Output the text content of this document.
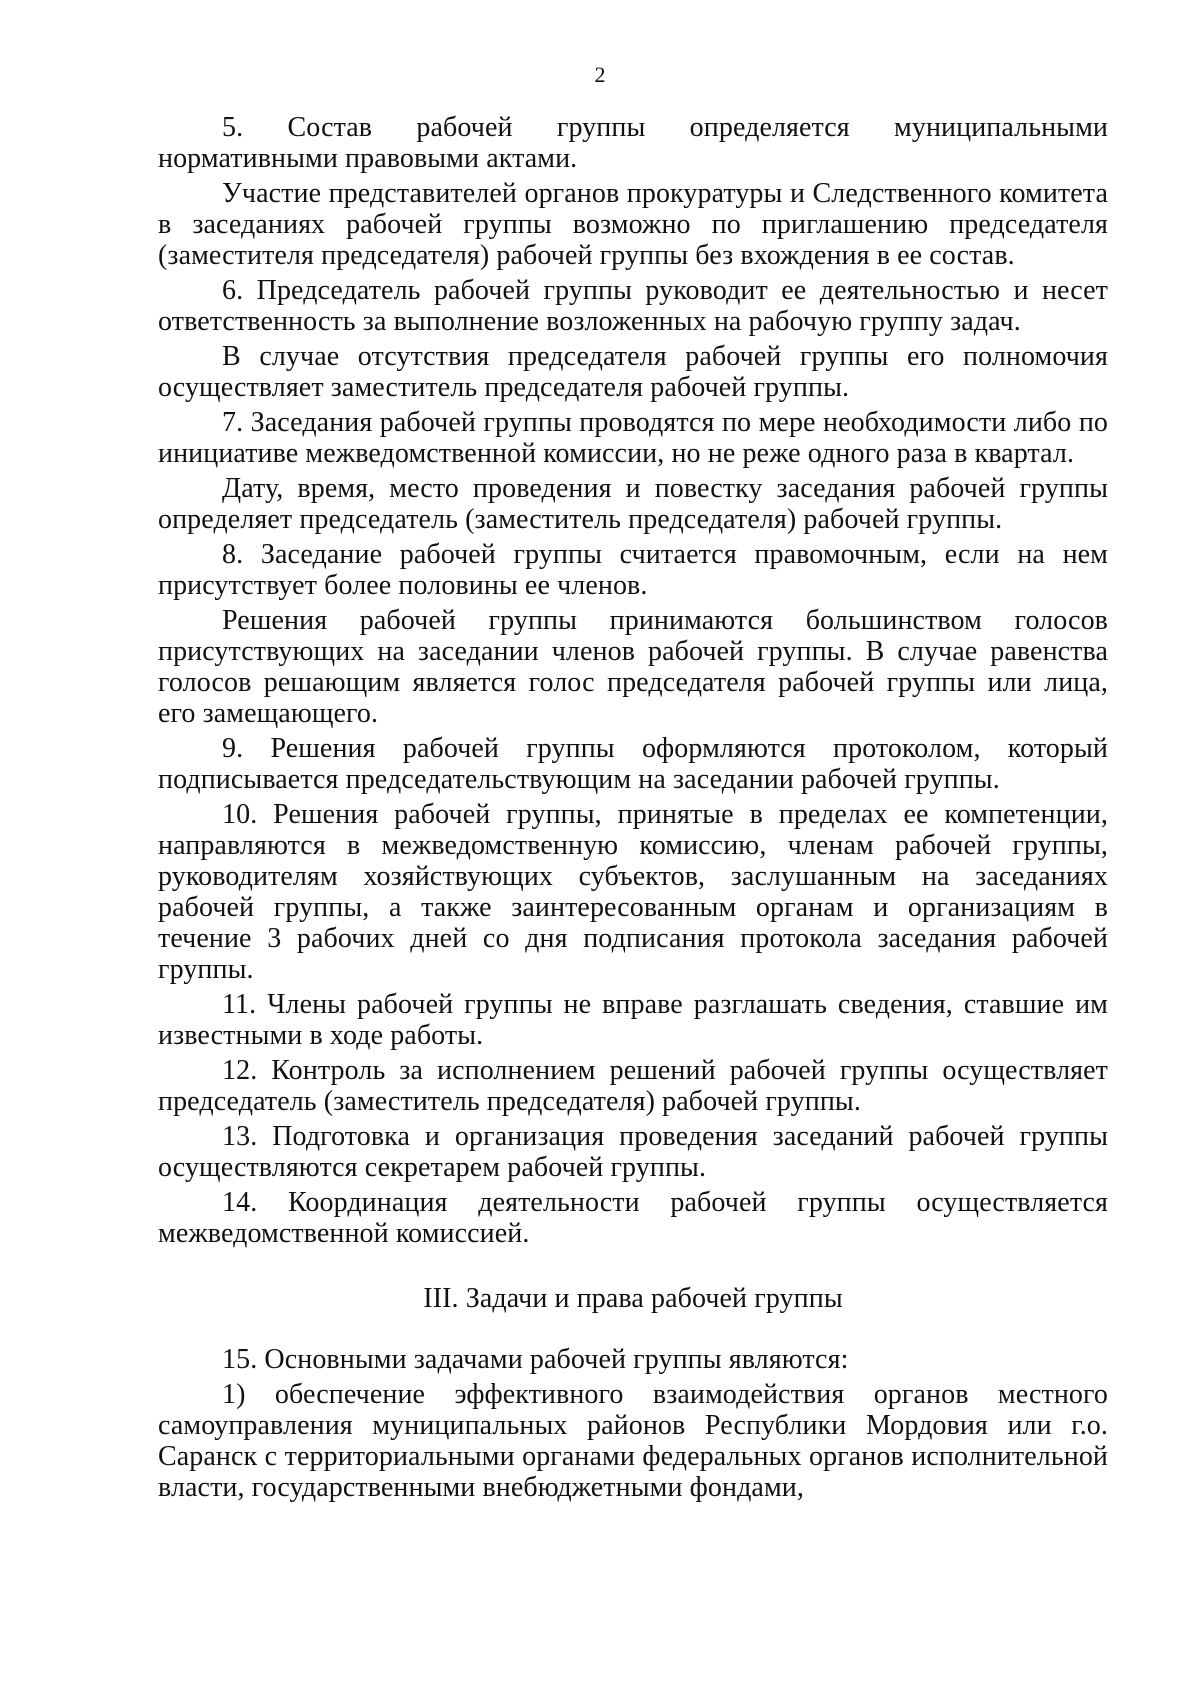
2

5. Состав рабочей группы определяется муниципальными нормативными правовыми актами.

Участие представителей органов прокуратуры и Следственного комитета в заседаниях рабочей группы возможно по приглашению председателя (заместителя председателя) рабочей группы без вхождения в ее состав.

6. Председатель рабочей группы руководит ее деятельностью и несет ответственность за выполнение возложенных на рабочую группу задач.

В случае отсутствия председателя рабочей группы его полномочия осуществляет заместитель председателя рабочей группы.

7. Заседания рабочей группы проводятся по мере необходимости либо по инициативе межведомственной комиссии, но не реже одного раза в квартал.

Дату, время, место проведения и повестку заседания рабочей группы определяет председатель (заместитель председателя) рабочей группы.

8. Заседание рабочей группы считается правомочным, если на нем присутствует более половины ее членов.

Решения рабочей группы принимаются большинством голосов присутствующих на заседании членов рабочей группы. В случае равенства голосов решающим является голос председателя рабочей группы или лица, его замещающего.

9. Решения рабочей группы оформляются протоколом, который подписывается председательствующим на заседании рабочей группы.

10. Решения рабочей группы, принятые в пределах ее компетенции, направляются в межведомственную комиссию, членам рабочей группы, руководителям хозяйствующих субъектов, заслушанным на заседаниях рабочей группы, а также заинтересованным органам и организациям в течение 3 рабочих дней со дня подписания протокола заседания рабочей группы.

11. Члены рабочей группы не вправе разглашать сведения, ставшие им известными в ходе работы.

12. Контроль за исполнением решений рабочей группы осуществляет председатель (заместитель председателя) рабочей группы.

13. Подготовка и организация проведения заседаний рабочей группы осуществляются секретарем рабочей группы.

14. Координация деятельности рабочей группы осуществляется межведомственной комиссией.

III. Задачи и права рабочей группы

15. Основными задачами рабочей группы являются:

1) обеспечение эффективного взаимодействия органов местного самоуправления муниципальных районов Республики Мордовия или г.о. Саранск с территориальными органами федеральных органов исполнительной власти, государственными внебюджетными фондами,
